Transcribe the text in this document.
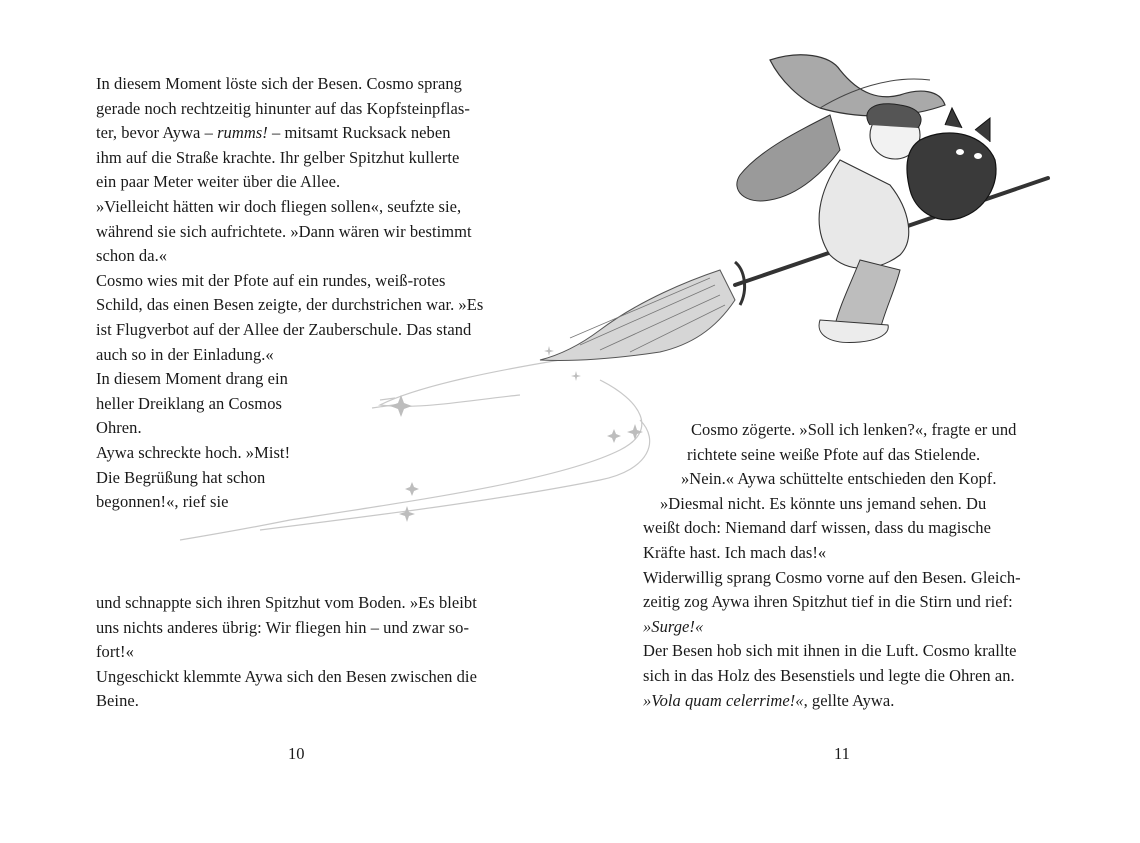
In diesem Moment löste sich der Besen. Cosmo sprang
gerade noch rechtzeitig hinunter auf das Kopfsteinpflas-
ter, bevor Aywa – rumms! – mitsamt Rucksack neben
ihm auf die Straße krachte. Ihr gelber Spitzhut kullerte
ein paar Meter weiter über die Allee.
»Vielleicht hätten wir doch fliegen sollen«, seufzte sie,
während sie sich aufrichtete. »Dann wären wir bestimmt
schon da.«
Cosmo wies mit der Pfote auf ein rundes, weiß-rotes
Schild, das einen Besen zeigte, der durchstrichen war. »Es
ist Flugverbot auf der Allee der Zauberschule. Das stand
auch so in der Einladung.«
In diesem Moment drang ein
heller Dreiklang an Cosmos
Ohren.
Aywa schreckte hoch. »Mist!
Die Begrüßung hat schon
begonnen!«, rief sie
und schnappte sich ihren Spitzhut vom Boden. »Es bleibt
uns nichts anderes übrig: Wir fliegen hin – und zwar so-
fort!«
Ungeschickt klemmte Aywa sich den Besen zwischen die
Beine.
10
Cosmo zögerte. »Soll ich lenken?«, fragte er und
richtete seine weiße Pfote auf das Stielende.
»Nein.« Aywa schüttelte entschieden den Kopf.
»Diesmal nicht. Es könnte uns jemand sehen. Du
weißt doch: Niemand darf wissen, dass du magische
Kräfte hast. Ich mach das!«
Widerwillig sprang Cosmo vorne auf den Besen. Gleich-
zeitig zog Aywa ihren Spitzhut tief in die Stirn und rief:
»Surge!«
Der Besen hob sich mit ihnen in die Luft. Cosmo krallte
sich in das Holz des Besenstiels und legte die Ohren an.
»Vola quam celerrime!«, gellte Aywa.
11
